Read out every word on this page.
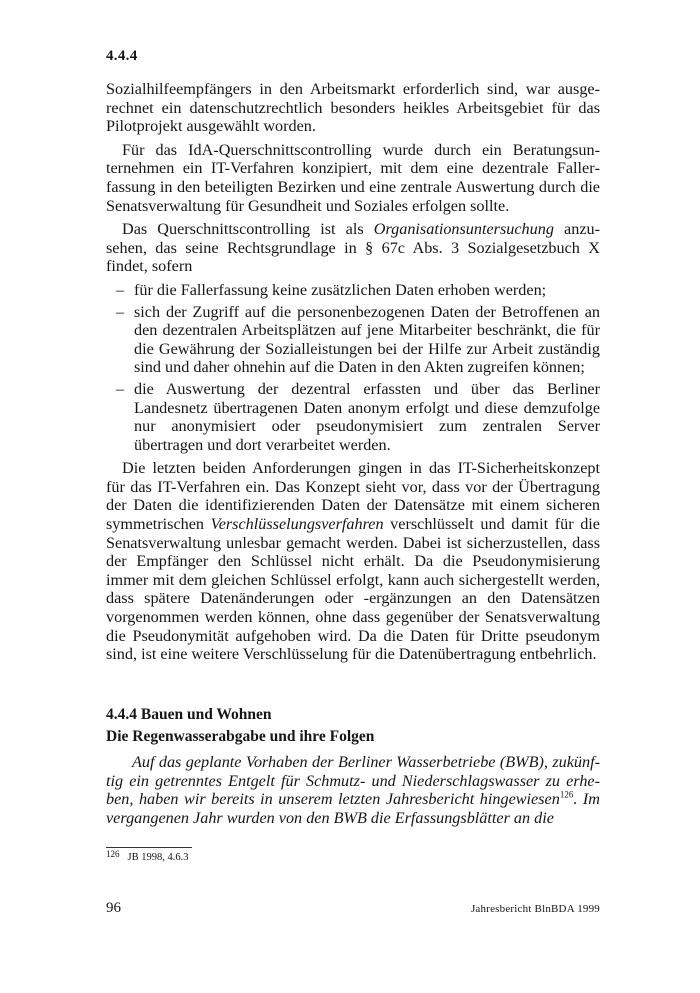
4.4.4

Sozialhilfeempfängers in den Arbeitsmarkt erforderlich sind, war ausgerechnet ein datenschutzrechtlich besonders heikles Arbeitsgebiet für das Pilotprojekt ausgewählt worden.

Für das IdA-Querschnittscontrolling wurde durch ein Beratungsunternehmen ein IT-Verfahren konzipiert, mit dem eine dezentrale Fallerfassung in den beteiligten Bezirken und eine zentrale Auswertung durch die Senatsverwaltung für Gesundheit und Soziales erfolgen sollte.

Das Querschnittscontrolling ist als Organisationsuntersuchung anzusehen, das seine Rechtsgrundlage in § 67c Abs. 3 Sozialgesetzbuch X findet, sofern

– für die Fallerfassung keine zusätzlichen Daten erhoben werden;
– sich der Zugriff auf die personenbezogenen Daten der Betroffenen an den dezentralen Arbeitsplätzen auf jene Mitarbeiter beschränkt, die für die Gewährung der Sozialleistungen bei der Hilfe zur Arbeit zuständig sind und daher ohnehin auf die Daten in den Akten zugreifen können;
– die Auswertung der dezentral erfassten und über das Berliner Landesnetz übertragenen Daten anonym erfolgt und diese demzufolge nur anonymisiert oder pseudonymisiert zum zentralen Server übertragen und dort verarbeitet werden.

Die letzten beiden Anforderungen gingen in das IT-Sicherheitskonzept für das IT-Verfahren ein. Das Konzept sieht vor, dass vor der Übertragung der Daten die identifizierenden Daten der Datensätze mit einem sicheren symmetrischen Verschlüsselungsverfahren verschlüsselt und damit für die Senatsverwaltung unlesbar gemacht werden. Dabei ist sicherzustellen, dass der Empfänger den Schlüssel nicht erhält. Da die Pseudonymisierung immer mit dem gleichen Schlüssel erfolgt, kann auch sichergestellt werden, dass spätere Datenänderungen oder -ergänzungen an den Datensätzen vorgenommen werden können, ohne dass gegenüber der Senatsverwaltung die Pseudonymität aufgehoben wird. Da die Daten für Dritte pseudonym sind, ist eine weitere Verschlüsselung für die Datenübertragung entbehrlich.

4.4.4 Bauen und Wohnen
Die Regenwasserabgabe und ihre Folgen

Auf das geplante Vorhaben der Berliner Wasserbetriebe (BWB), zukünftig ein getrenntes Entgelt für Schmutz- und Niederschlagswasser zu erheben, haben wir bereits in unserem letzten Jahresbericht hingewiesen$^{126}$. Im vergangenen Jahr wurden von den BWB die Erfassungsblätter an die

126 JB 1998, 4.6.3
96	Jahresbericht BlnBDA 1999
